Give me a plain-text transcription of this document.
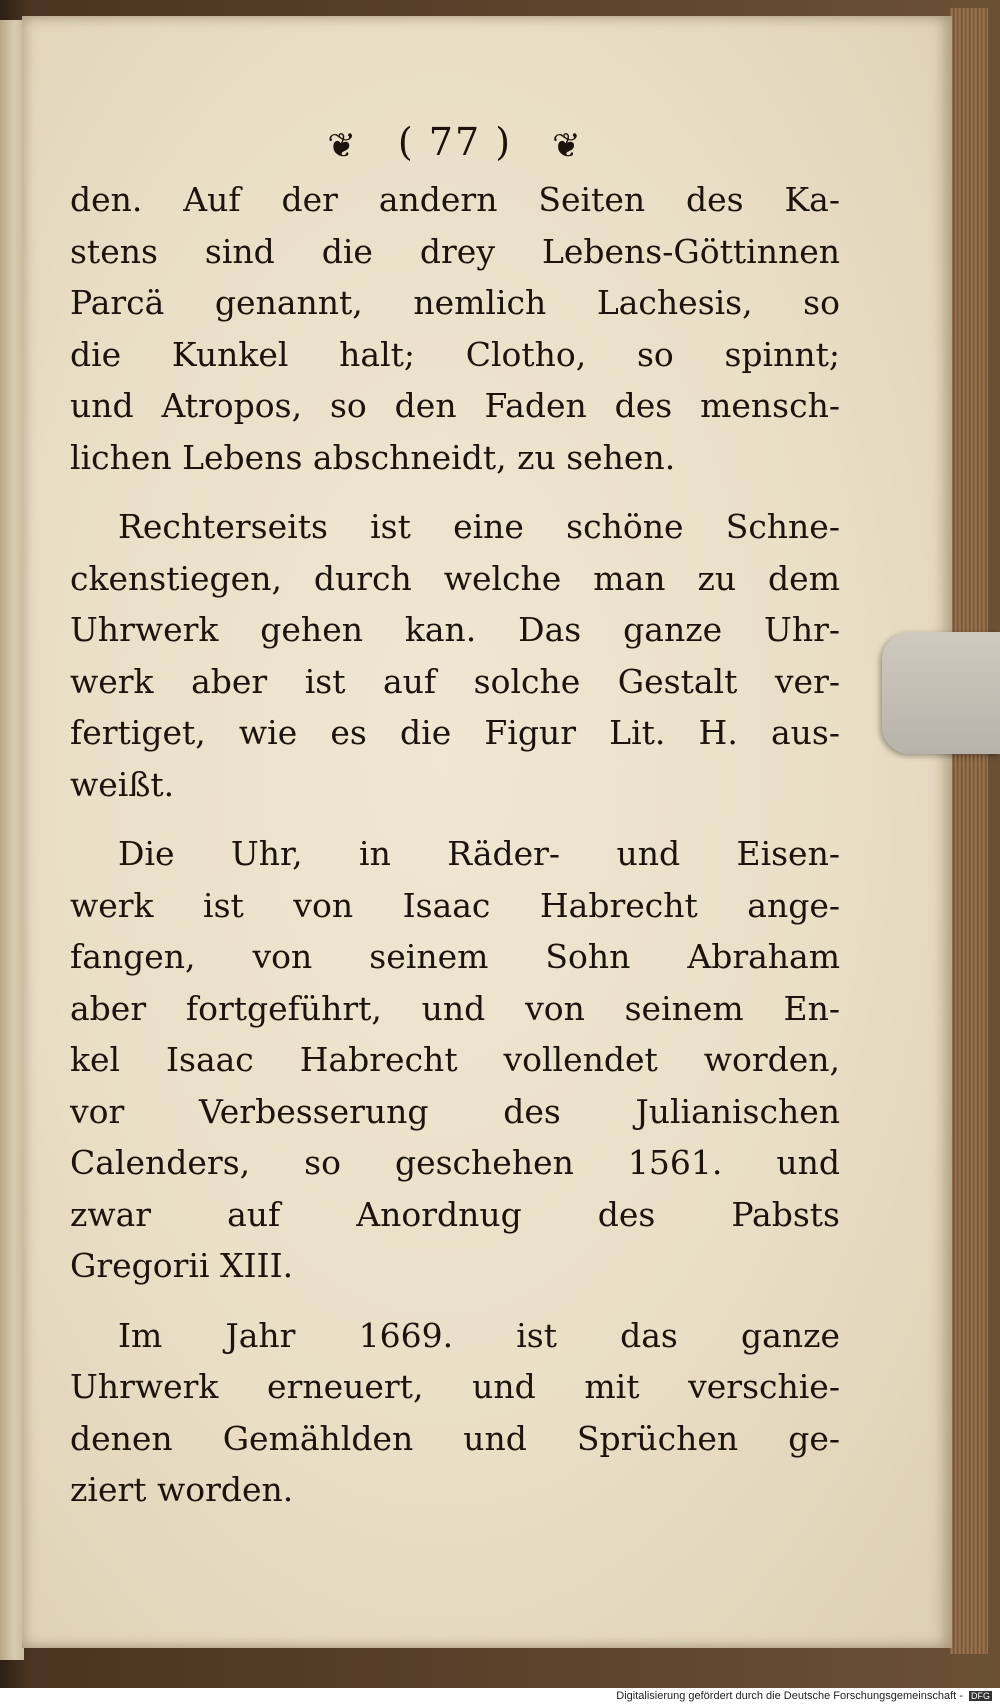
❦ ( 77 ) ❦
den. Auf der andern Seiten des Ka-
stens sind die drey Lebens-Göttinnen
Parcä genannt, nemlich Lachesis, so
die Kunkel halt; Clotho, so spinnt;
und Atropos, so den Faden des mensch-
lichen Lebens abschneidt, zu sehen.
Rechterseits ist eine schöne Schne-
ckenstiegen, durch welche man zu dem
Uhrwerk gehen kan. Das ganze Uhr-
werk aber ist auf solche Gestalt ver-
fertiget, wie es die Figur Lit. H. aus-
weißt.
Die Uhr, in Räder- und Eisen-
werk ist von Isaac Habrecht ange-
fangen, von seinem Sohn Abraham
aber fortgeführt, und von seinem En-
kel Isaac Habrecht vollendet worden,
vor Verbesserung des Julianischen
Calenders, so geschehen 1561. und
zwar auf Anordnug des Pabsts
Gregorii XIII.
Im Jahr 1669. ist das ganze
Uhrwerk erneuert, und mit verschie-
denen Gemählden und Sprüchen ge-
ziert worden.
Digitalisierung gefördert durch die Deutsche Forschungsgemeinschaft - DFG
